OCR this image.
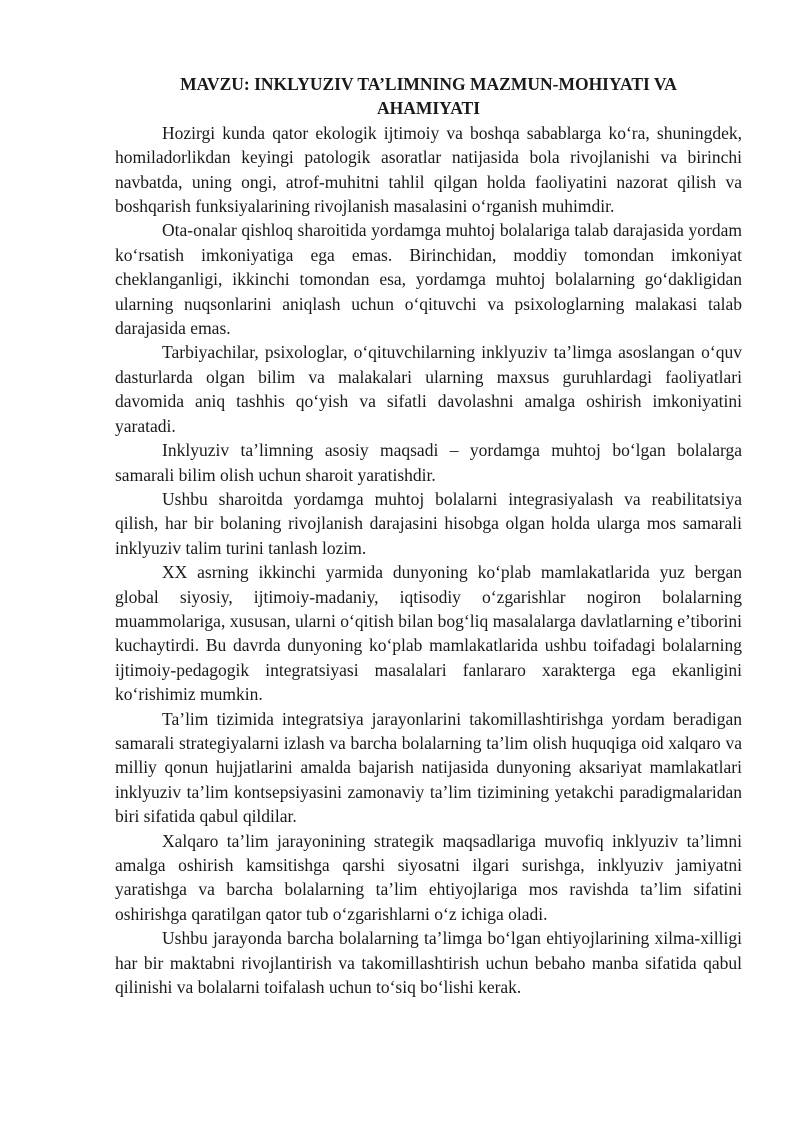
MAVZU: INKLYUZIV TA’LIMNING MAZMUN-MOHIYATI VA
AHAMIYATI

Hozirgi kunda qator ekologik ijtimoiy va boshqa sabablarga ko‘ra, shuningdek, homiladorlikdan keyingi patologik asoratlar natijasida bola rivojlanishi va birinchi navbatda, uning ongi, atrof-muhitni tahlil qilgan holda faoliyatini nazorat qilish va boshqarish funksiyalarining rivojlanish masalasini o‘rganish muhimdir.

Ota-onalar qishloq sharoitida yordamga muhtoj bolalariga talab darajasida yordam ko‘rsatish imkoniyatiga ega emas. Birinchidan, moddiy tomondan imkoniyat cheklanganligi, ikkinchi tomondan esa, yordamga muhtoj bolalarning go‘dakligidan ularning nuqsonlarini aniqlash uchun o‘qituvchi va psixologlarning malakasi talab darajasida emas.

Tarbiyachilar, psixologlar, o‘qituvchilarning inklyuziv ta’limga asoslangan o‘quv dasturlarda olgan bilim va malakalari ularning maxsus guruhlardagi faoliyatlari davomida aniq tashhis qo‘yish va sifatli davolashni amalga oshirish imkoniyatini yaratadi.

Inklyuziv ta’limning asosiy maqsadi – yordamga muhtoj bo‘lgan bolalarga samarali bilim olish uchun sharoit yaratishdir.

Ushbu sharoitda yordamga muhtoj bolalarni integrasiyalash va reabilitatsiya qilish, har bir bolaning rivojlanish darajasini hisobga olgan holda ularga mos samarali inklyuziv talim turini tanlash lozim.

XX asrning ikkinchi yarmida dunyoning ko‘plab mamlakatlarida yuz bergan global siyosiy, ijtimoiy-madaniy, iqtisodiy o‘zgarishlar nogiron bolalarning muammolariga, xususan, ularni o‘qitish bilan bog‘liq masalalarga davlatlarning e’tiborini kuchaytirdi. Bu davrda dunyoning ko‘plab mamlakatlarida ushbu toifadagi bolalarning ijtimoiy-pedagogik integratsiyasi masalalari fanlararo xarakterga ega ekanligini ko‘rishimiz mumkin.

Ta’lim tizimida integratsiya jarayonlarini takomillashtirishga yordam beradigan samarali strategiyalarni izlash va barcha bolalarning ta’lim olish huquqiga oid xalqaro va milliy qonun hujjatlarini amalda bajarish natijasida dunyoning aksariyat mamlakatlari inklyuziv ta’lim kontsepsiyasini zamonaviy ta’lim tizimining yetakchi paradigmalaridan biri sifatida qabul qildilar.

Xalqaro ta’lim jarayonining strategik maqsadlariga muvofiq inklyuziv ta’limni amalga oshirish kamsitishga qarshi siyosatni ilgari surishga, inklyuziv jamiyatni yaratishga va barcha bolalarning ta’lim ehtiyojlariga mos ravishda ta’lim sifatini oshirishga qaratilgan qator tub o‘zgarishlarni o‘z ichiga oladi.

Ushbu jarayonda barcha bolalarning ta’limga bo‘lgan ehtiyojlarining xilma-xilligi har bir maktabni rivojlantirish va takomillashtirish uchun bebaho manba sifatida qabul qilinishi va bolalarni toifalash uchun to‘siq bo‘lishi kerak.
